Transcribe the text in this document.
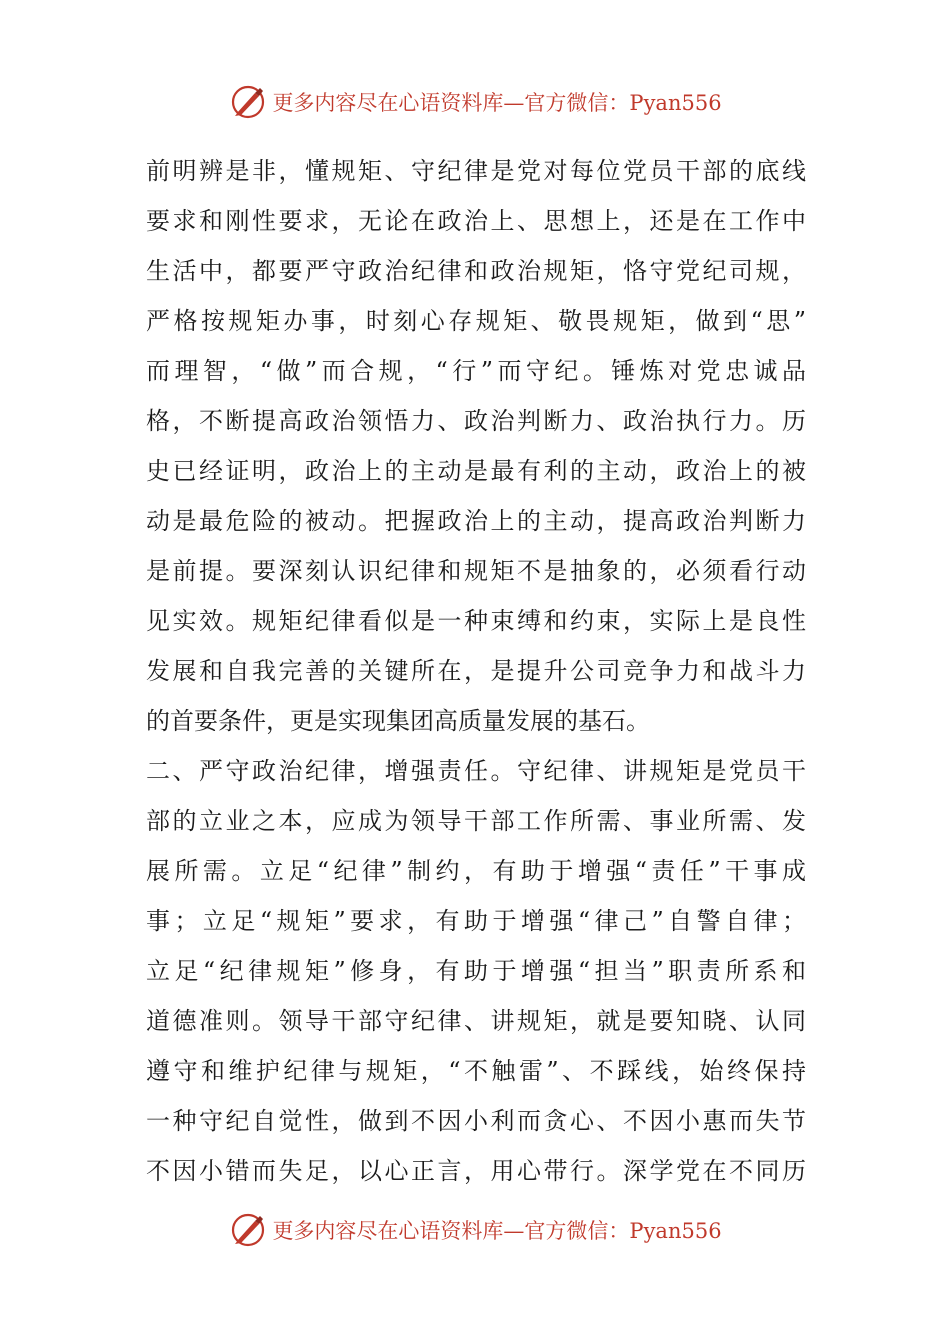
更多内容尽在心语资料库—官方微信：Pyan556
前明辨是非，懂规矩、守纪律是党对每位党员干部的底线
要求和刚性要求，无论在政治上、思想上，还是在工作中
生活中，都要严守政治纪律和政治规矩，恪守党纪司规，
严格按规矩办事，时刻心存规矩、敬畏规矩，做到“思”
而理智，“做”而合规，“行”而守纪。锤炼对党忠诚品
格，不断提高政治领悟力、政治判断力、政治执行力。历
史已经证明，政治上的主动是最有利的主动，政治上的被
动是最危险的被动。把握政治上的主动，提高政治判断力
是前提。要深刻认识纪律和规矩不是抽象的，必须看行动
见实效。规矩纪律看似是一种束缚和约束，实际上是良性
发展和自我完善的关键所在，是提升公司竞争力和战斗力
的首要条件，更是实现集团高质量发展的基石。
二、严守政治纪律，增强责任。守纪律、讲规矩是党员干
部的立业之本，应成为领导干部工作所需、事业所需、发
展所需。立足“纪律”制约，有助于增强“责任”干事成
事；立足“规矩”要求，有助于增强“律己”自警自律；
立足“纪律规矩”修身，有助于增强“担当”职责所系和
道德准则。领导干部守纪律、讲规矩，就是要知晓、认同
遵守和维护纪律与规矩，“不触雷”、不踩线，始终保持
一种守纪自觉性，做到不因小利而贪心、不因小惠而失节
不因小错而失足，以心正言，用心带行。深学党在不同历
更多内容尽在心语资料库—官方微信：Pyan556
